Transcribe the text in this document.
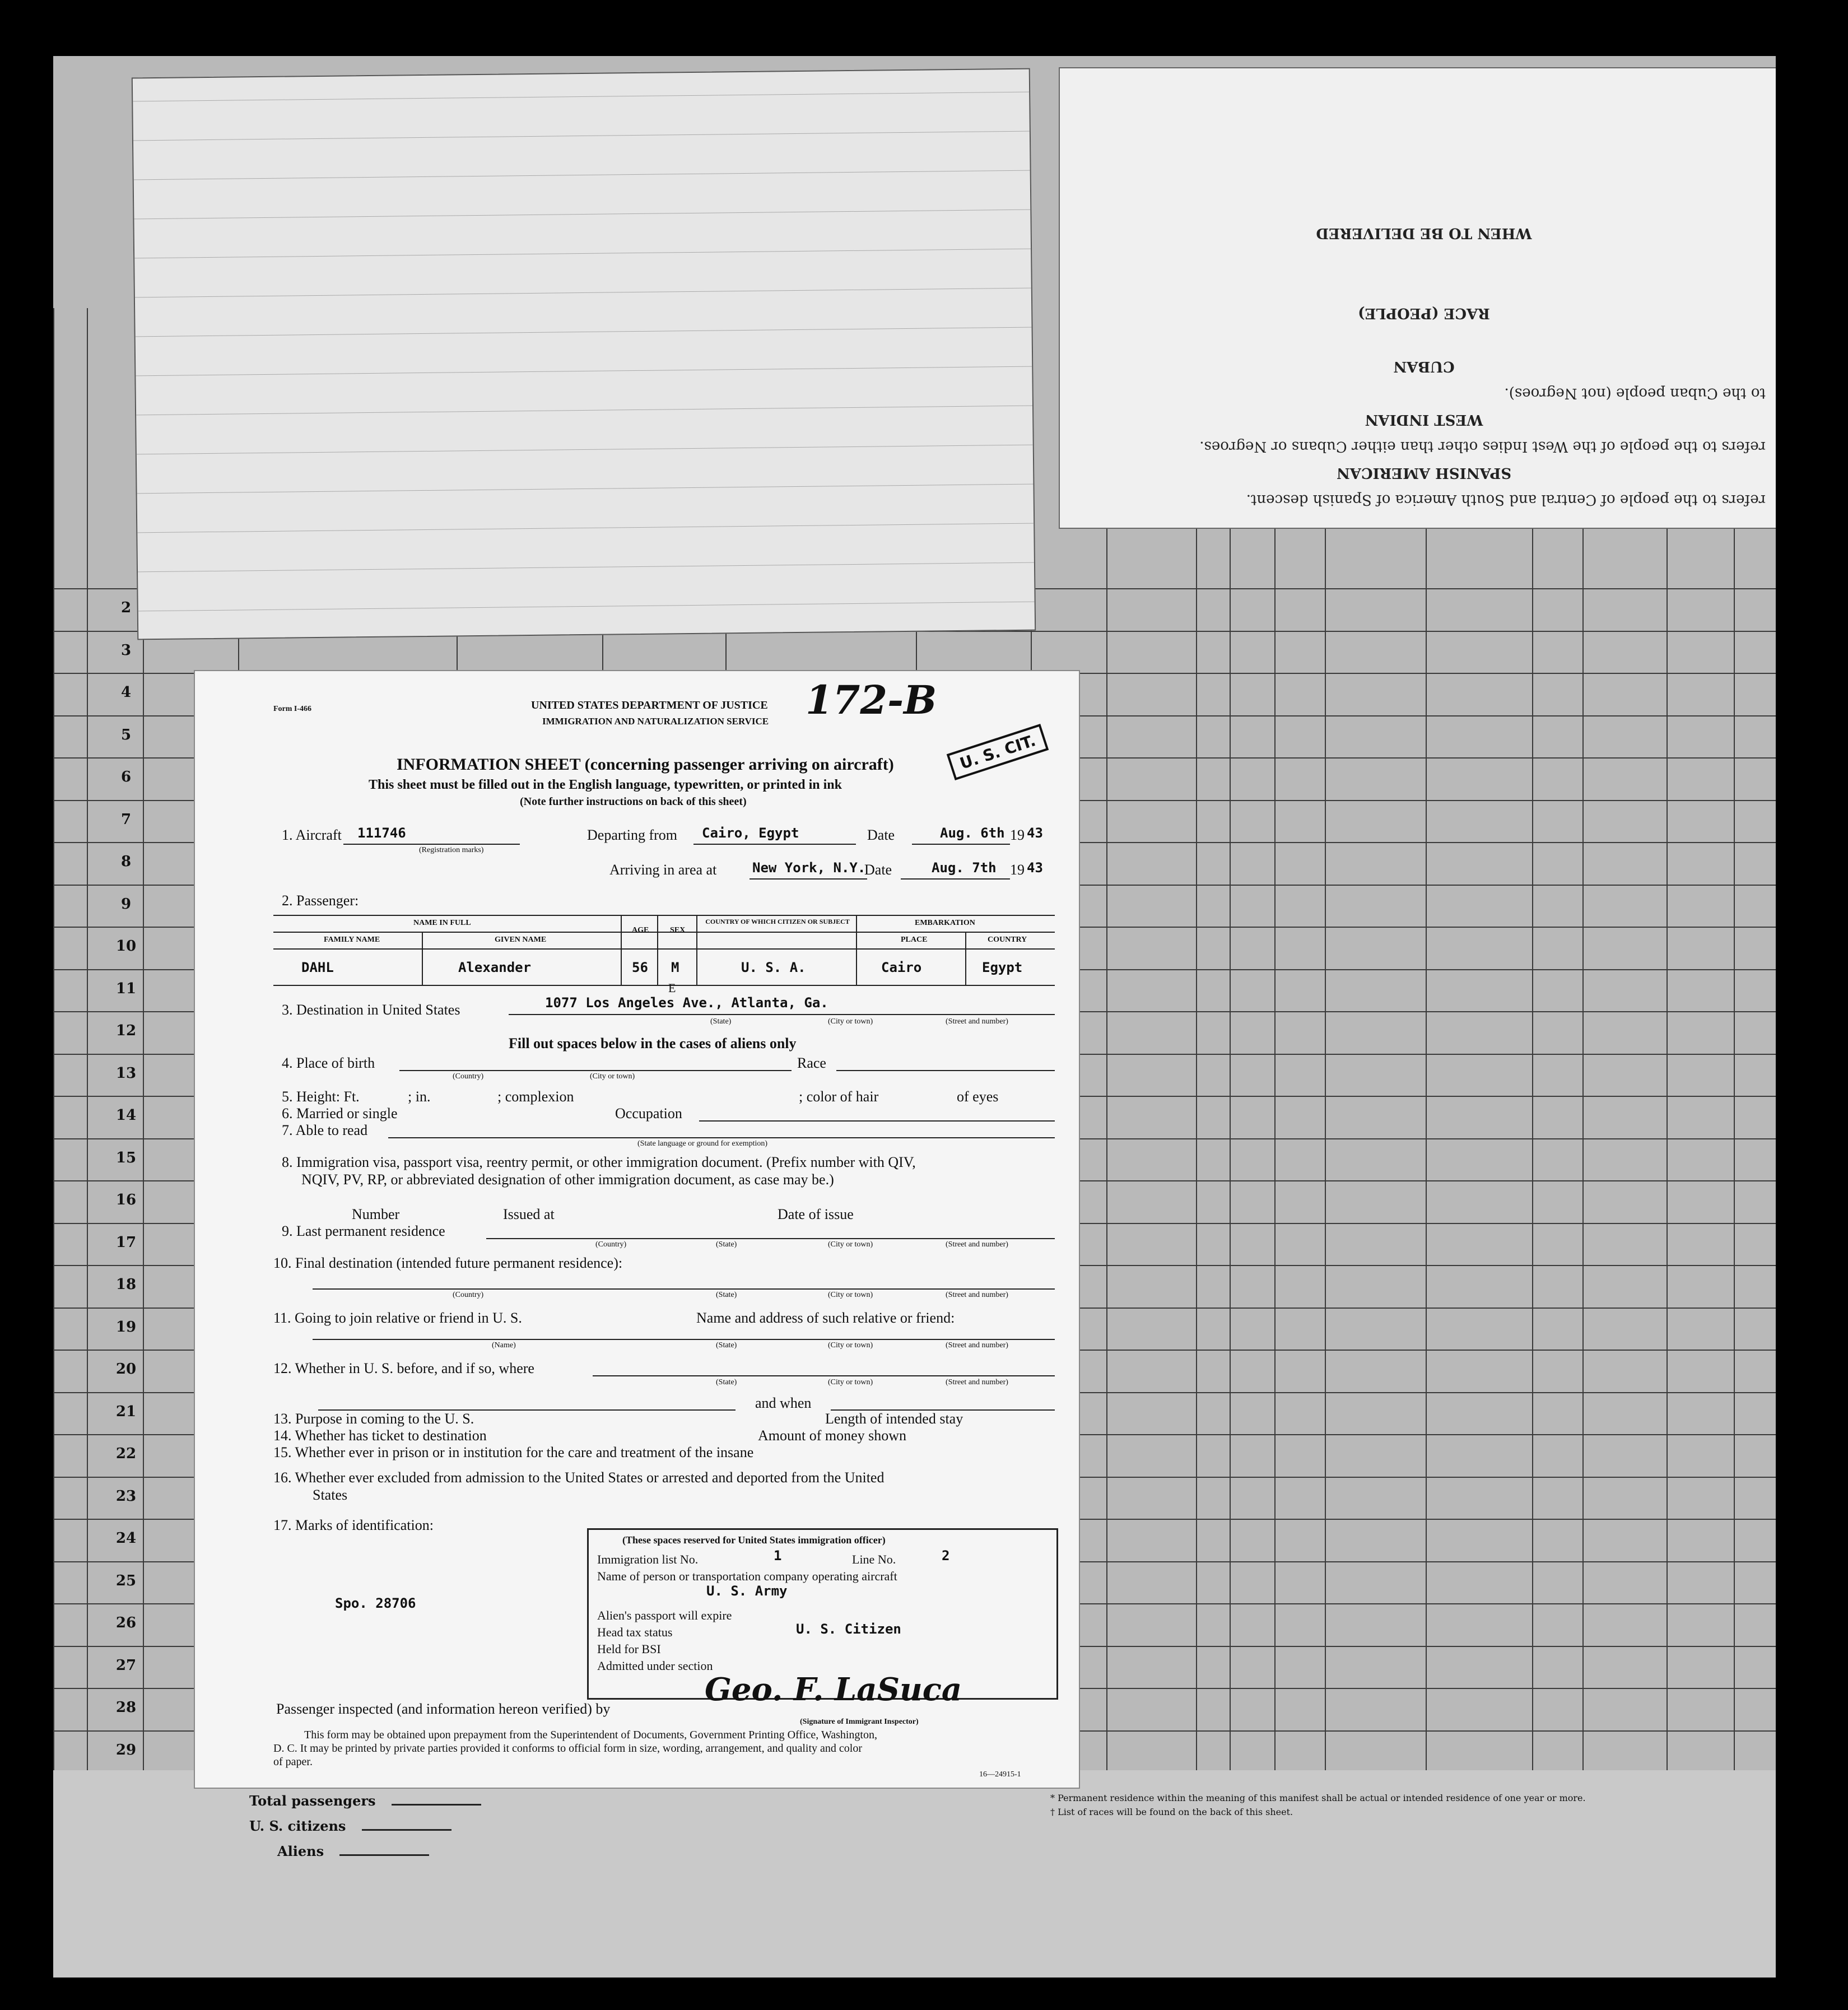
2
3
4
5
6
7
8
9
10
11
12
13
14
15
16
17
18
19
20
21
22
23
24
25
26
27
28
29
Total passengers
U. S. citizens
Aliens
* Permanent residence within the meaning of this manifest shall be actual or intended residence of one year or more.
† List of races will be found on the back of this sheet.

refers to the people of Central and South America of Spanish descent.

SPANISH AMERICAN

refers to the people of the West Indies other than either Cubans or Negroes.

WEST INDIAN

to the Cuban people (not Negroes).

CUBAN

RACE (PEOPLE)

WHEN TO BE DELIVERED

Form I-466	UNITED STATES DEPARTMENT OF JUSTICE
IMMIGRATION AND NATURALIZATION SERVICE 172-B
U. S. CIT.
INFORMATION SHEET (concerning passenger arriving on aircraft)
This sheet must be filled out in the English language, typewritten, or printed in ink
(Note further instructions on back of this sheet)
1. Aircraft 111746
(Registration marks)
Departing from Cairo, Egypt	Date	Aug. 6th 19 43
Arriving in area at	New York, N.Y.
Date	Aug. 7th 19 43
2. Passenger:
NAME IN FULL
FAMILY NAME	GIVEN NAME
AGE	SEX
COUNTRY OF WHICH CITIZEN OR SUBJECT	EMBARKATION
PLACE	COUNTRY
DAHL	Alexander	56 M	U. S. A.	Cairo	Egypt
3. Destination in United States	1077 Los Angeles Ave., Atlanta, Ga.
E
(State)	(City or town)	(Street and number)
Fill out spaces below in the cases of aliens only
4. Place of birth
(Country)	(City or town)
Race
5. Height: Ft.	; in.	; complexion	; color of hair	of eyes
6. Married or single	Occupation
7. Able to read
(State language or ground for exemption)
8. Immigration visa, passport visa, reentry permit, or other immigration document. (Prefix number with QIV,
NQIV, PV, RP, or abbreviated designation of other immigration document, as case may be.)
Number	Issued at	Date of issue
9. Last permanent residence
(Country)	(State)	(City or town)	(Street and number)
10. Final destination (intended future permanent residence):
(Country)	(State)	(City or town)	(Street and number)
11. Going to join relative or friend in U. S.	Name and address of such relative or friend:
(Name)	(State)	(City or town)	(Street and number)
12. Whether in U. S. before, and if so, where
(State)	(City or town)	(Street and number)
and when
13. Purpose in coming to the U. S.	Length of intended stay
14. Whether has ticket to destination	Amount of money shown
15. Whether ever in prison or in institution for the care and treatment of the insane
16. Whether ever excluded from admission to the United States or arrested and deported from the United
States
17. Marks of identification:
Spo. 28706
(These spaces reserved for United States immigration officer)
Immigration list No.	1	Line No.	2
Name of person or transportation company operating aircraft
U. S. Army
Alien's passport will expire
Head tax status	U. S. Citizen
Held for BSI
Admitted under section
Passenger inspected (and information hereon verified) by
Geo. F. LaSuca
(Signature of Immigrant Inspector)
This form may be obtained upon prepayment from the Superintendent of Documents, Government Printing Office, Washington,
D. C. It may be printed by private parties provided it conforms to official form in size, wording, arrangement, and quality and color
of paper.
16—24915-1
